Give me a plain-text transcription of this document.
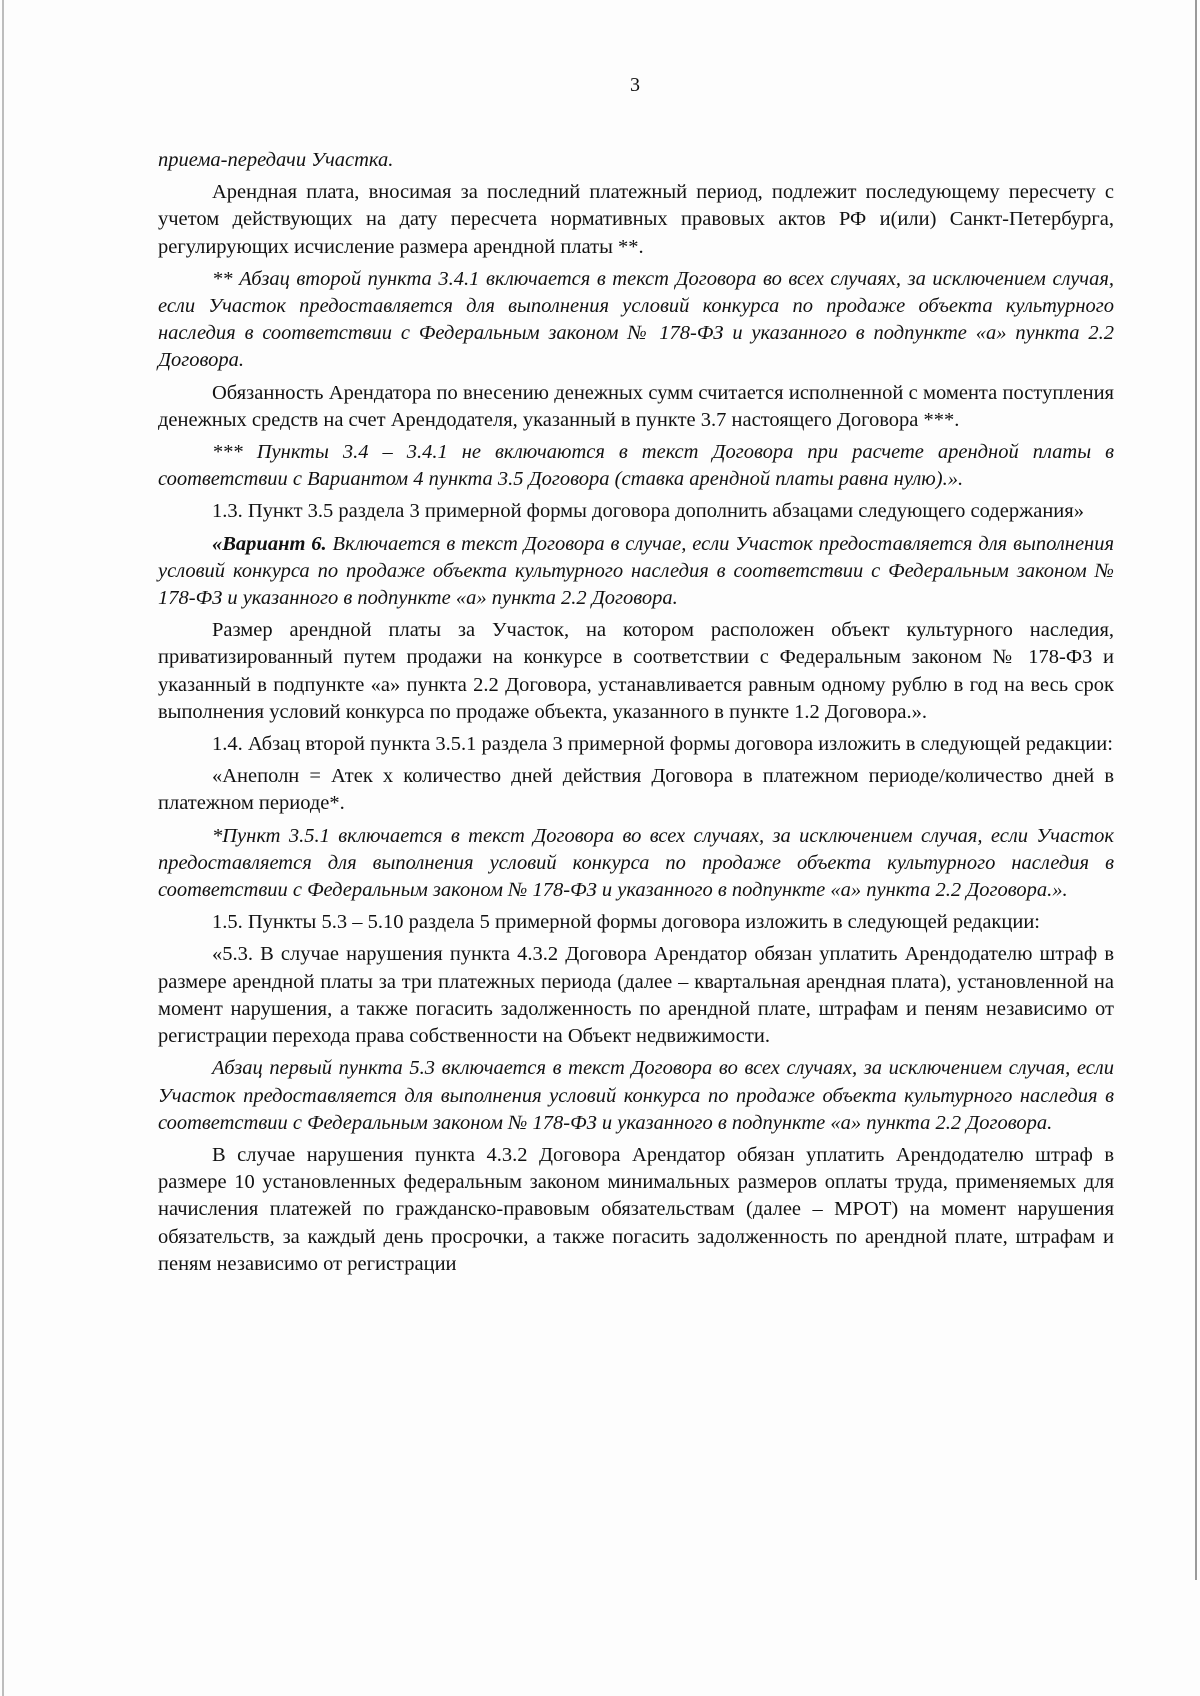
3

приема-передачи Участка.

Арендная плата, вносимая за последний платежный период, подлежит последующему пересчету с учетом действующих на дату пересчета нормативных правовых актов РФ и(или) Санкт-Петербурга, регулирующих исчисление размера арендной платы **.

** Абзац второй пункта 3.4.1 включается в текст Договора во всех случаях, за исключением случая, если Участок предоставляется для выполнения условий конкурса по продаже объекта культурного наследия в соответствии с Федеральным законом № 178-ФЗ и указанного в подпункте «а» пункта 2.2 Договора.

Обязанность Арендатора по внесению денежных сумм считается исполненной с момента поступления денежных средств на счет Арендодателя, указанный в пункте 3.7 настоящего Договора ***.

*** Пункты 3.4 – 3.4.1 не включаются в текст Договора при расчете арендной платы в соответствии с Вариантом 4 пункта 3.5 Договора (ставка арендной платы равна нулю).».

1.3. Пункт 3.5 раздела 3 примерной формы договора дополнить абзацами следующего содержания»

«Вариант 6. Включается в текст Договора в случае, если Участок предоставляется для выполнения условий конкурса по продаже объекта культурного наследия в соответствии с Федеральным законом № 178-ФЗ и указанного в подпункте «а» пункта 2.2 Договора.

Размер арендной платы за Участок, на котором расположен объект культурного наследия, приватизированный путем продажи на конкурсе в соответствии с Федеральным законом № 178-ФЗ и указанный в подпункте «а» пункта 2.2 Договора, устанавливается равным одному рублю в год на весь срок выполнения условий конкурса по продаже объекта, указанного в пункте 1.2 Договора.».

1.4. Абзац второй пункта 3.5.1 раздела 3 примерной формы договора изложить в следующей редакции:

«Анеполн = Атек х количество дней действия Договора в платежном периоде/количество дней в платежном периоде*.

*Пункт 3.5.1 включается в текст Договора во всех случаях, за исключением случая, если Участок предоставляется для выполнения условий конкурса по продаже объекта культурного наследия в соответствии с Федеральным законом № 178-ФЗ и указанного в подпункте «а» пункта 2.2 Договора.».

1.5. Пункты 5.3 – 5.10 раздела 5 примерной формы договора изложить в следующей редакции:

«5.3. В случае нарушения пункта 4.3.2 Договора Арендатор обязан уплатить Арендодателю штраф в размере арендной платы за три платежных периода (далее – квартальная арендная плата), установленной на момент нарушения, а также погасить задолженность по арендной плате, штрафам и пеням независимо от регистрации перехода права собственности на Объект недвижимости.

Абзац первый пункта 5.3 включается в текст Договора во всех случаях, за исключением случая, если Участок предоставляется для выполнения условий конкурса по продаже объекта культурного наследия в соответствии с Федеральным законом № 178-ФЗ и указанного в подпункте «а» пункта 2.2 Договора.

В случае нарушения пункта 4.3.2 Договора Арендатор обязан уплатить Арендодателю штраф в размере 10 установленных федеральным законом минимальных размеров оплаты труда, применяемых для начисления платежей по гражданско-правовым обязательствам (далее – МРОТ) на момент нарушения обязательств, за каждый день просрочки, а также погасить задолженность по арендной плате, штрафам и пеням независимо от регистрации
